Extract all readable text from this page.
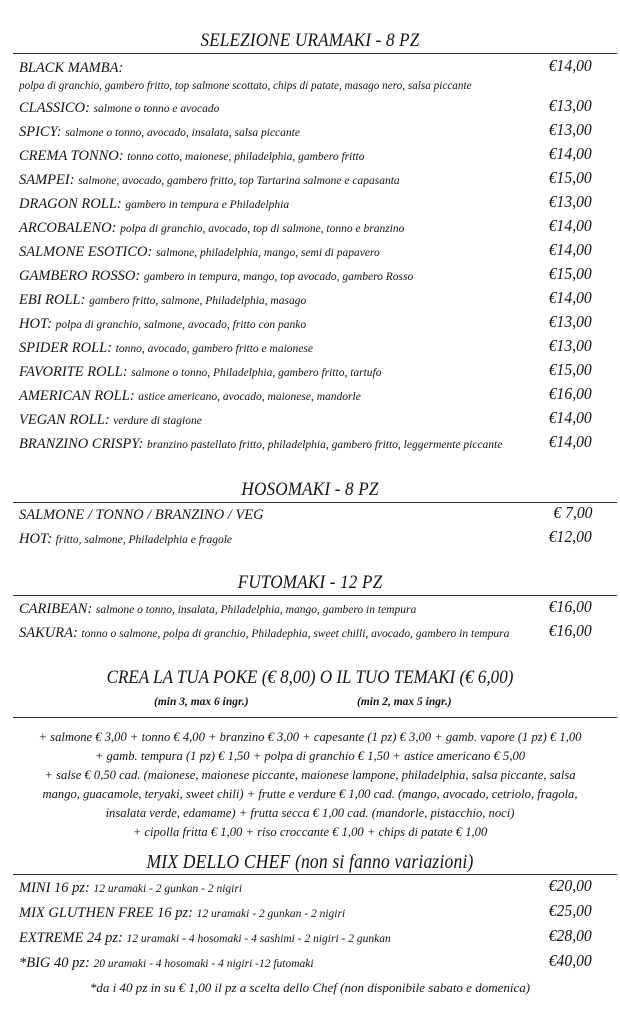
SELEZIONE URAMAKI - 8 PZ
BLACK MAMBA:
polpa di granchio, gambero fritto, top salmone scottato, chips di patate, masago nero, salsa piccante
€14,00
CLASSICO: salmone o tonno e avocado	€13,00
SPICY: salmone o tonno, avocado, insalata, salsa piccante	€13,00
CREMA TONNO: tonno cotto, maionese, philadelphia, gambero fritto	€14,00
SAMPEI: salmone, avocado, gambero fritto, top Tartarina salmone e capasanta	€15,00
DRAGON ROLL: gambero in tempura e Philadelphia	€13,00
ARCOBALENO: polpa di granchio, avocado, top di salmone, tonno e branzino	€14,00
SALMONE ESOTICO: salmone, philadelphia, mango, semi di papavero	€14,00
GAMBERO ROSSO: gambero in tempura, mango, top avocado, gambero Rosso	€15,00
EBI ROLL: gambero fritto, salmone, Philadelphia, masago	€14,00
HOT: polpa di granchio, salmone, avocado, fritto con panko	€13,00
SPIDER ROLL: tonno, avocado, gambero fritto e maionese	€13,00
FAVORITE ROLL: salmone o tonno, Philadelphia, gambero fritto, tartufo	€15,00
AMERICAN ROLL: astice americano, avocado, maionese, mandorle	€16,00
VEGAN ROLL: verdure di stagione	€14,00
BRANZINO CRISPY: branzino pastellato fritto, philadelphia, gambero fritto, leggermente piccante	€14,00
HOSOMAKI - 8 PZ
SALMONE / TONNO / BRANZINO / VEG	€ 7,00
HOT: fritto, salmone, Philadelphia e fragole	€12,00
FUTOMAKI - 12 PZ
CARIBEAN: salmone o tonno, insalata, Philadelphia, mango, gambero in tempura	€16,00
SAKURA: tonno o salmone, polpa di granchio, Philadephia, sweet chilli, avocado, gambero in tempura	€16,00
CREA LA TUA POKE (€ 8,00) O IL TUO TEMAKI (€ 6,00)
(min 3, max 6 ingr.)	(min 2, max 5 ingr.)
+ salmone € 3,00 + tonno € 4,00 + branzino € 3,00 + capesante (1 pz) € 3,00 + gamb. vapore (1 pz) € 1,00
+ gamb. tempura (1 pz) € 1,50 + polpa di granchio € 1,50 + astice americano € 5,00
+ salse € 0,50 cad. (maionese, maionese piccante, maionese lampone, philadelphia, salsa piccante, salsa
mango, guacamole, teryaki, sweet chili) + frutte e verdure € 1,00 cad. (mango, avocado, cetriolo, fragola,
insalata verde, edamame) + frutta secca € 1,00 cad. (mandorle, pistacchio, noci)
+ cipolla fritta € 1,00 + riso croccante € 1,00 + chips di patate € 1,00
MIX DELLO CHEF (non si fanno variazioni)
MINI 16 pz: 12 uramaki - 2 gunkan - 2 nigiri	€20,00
MIX GLUTHEN FREE 16 pz: 12 uramaki - 2 gunkan - 2 nigiri	€25,00
EXTREME 24 pz: 12 uramaki - 4 hosomaki - 4 sashimi - 2 nigiri - 2 gunkan	€28,00
*BIG 40 pz: 20 uramaki - 4 hosomaki - 4 nigiri -12 futomaki	€40,00
*da i 40 pz in su € 1,00 il pz a scelta dello Chef (non disponibile sabato e domenica)
